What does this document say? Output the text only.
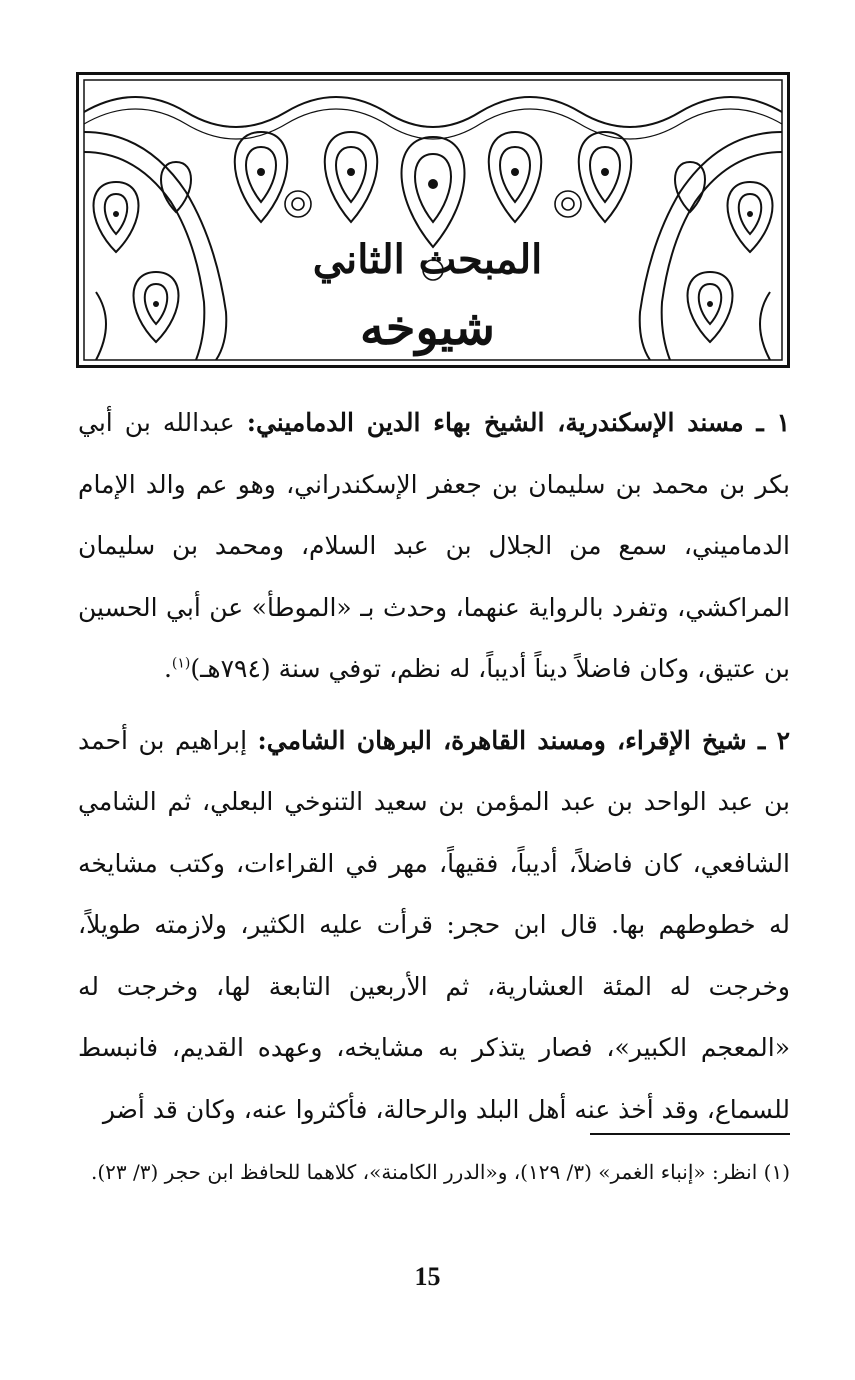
المبحث الثاني
شيوخه

١ ـ مسند الإسكندرية، الشيخ بهاء الدين الدماميني: عبدالله بن أبي بكر بن محمد بن سليمان بن جعفر الإسكندراني، وهو عم والد الإمام الدماميني، سمع من الجلال بن عبد السلام، ومحمد بن سليمان المراكشي، وتفرد بالرواية عنهما، وحدث بـ «الموطأ» عن أبي الحسين بن عتيق، وكان فاضلاً ديناً أديباً، له نظم، توفي سنة (٧٩٤هـ)$^{(١)}$.

٢ ـ شيخ الإقراء، ومسند القاهرة، البرهان الشامي: إبراهيم بن أحمد بن عبد الواحد بن عبد المؤمن بن سعيد التنوخي البعلي، ثم الشامي الشافعي، كان فاضلاً، أديباً، فقيهاً، مهر في القراءات، وكتب مشايخه له خطوطهم بها. قال ابن حجر: قرأت عليه الكثير، ولازمته طويلاً، وخرجت له المئة العشارية، ثم الأربعين التابعة لها، وخرجت له «المعجم الكبير»، فصار يتذكر به مشايخه، وعهده القديم، فانبسط للسماع، وقد أخذ عنه أهل البلد والرحالة، فأكثروا عنه، وكان قد أضر

(١) انظر: «إنباء الغمر» (٣/ ١٢٩)، و«الدرر الكامنة»، كلاهما للحافظ ابن حجر (٣/ ٢٣).
15
